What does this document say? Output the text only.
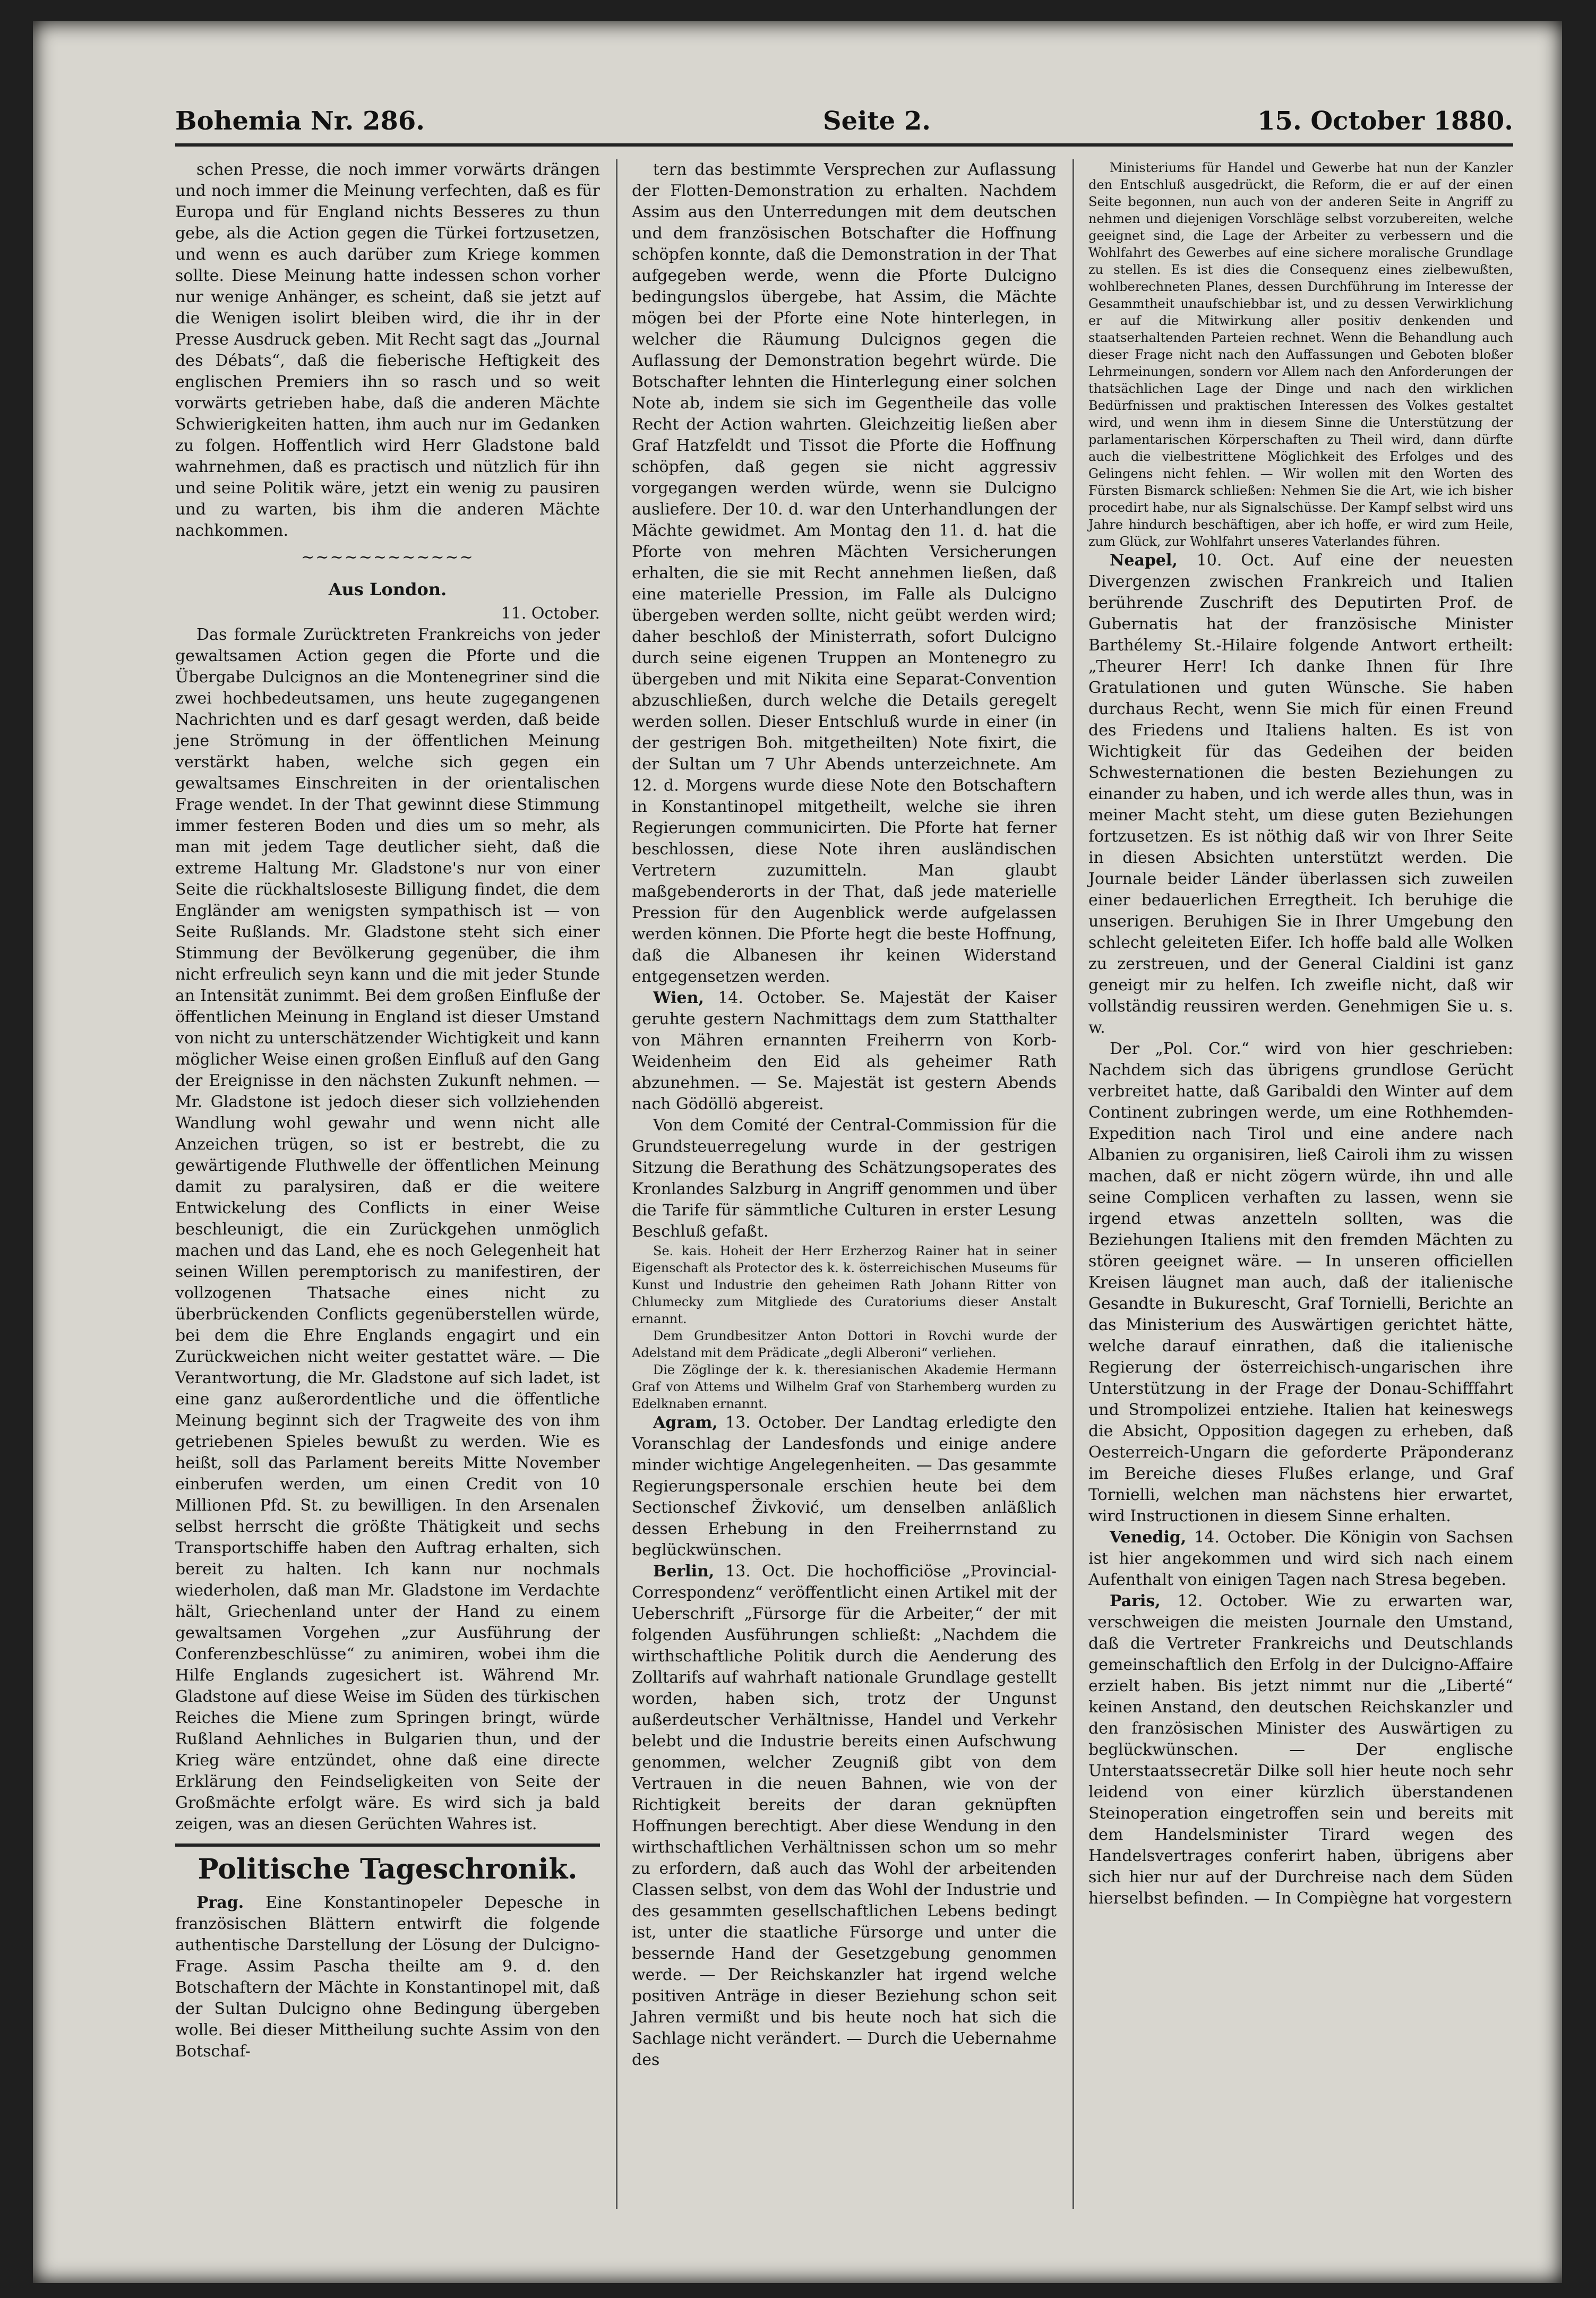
Bohemia Nr. 286.	Seite 2.	15. October 1880.

schen Presse, die noch immer vorwärts drängen und noch immer die Meinung verfechten, daß es für Europa und für England nichts Besseres zu thun gebe, als die Action gegen die Türkei fortzusetzen, und wenn es auch darüber zum Kriege kommen sollte. Diese Meinung hatte indessen schon vorher nur wenige Anhänger, es scheint, daß sie jetzt auf die Wenigen isolirt bleiben wird, die ihr in der Presse Ausdruck geben. Mit Recht sagt das „Journal des Débats“, daß die fieberische Heftigkeit des englischen Premiers ihn so rasch und so weit vorwärts getrieben habe, daß die anderen Mächte Schwierigkeiten hatten, ihm auch nur im Gedanken zu folgen. Hoffentlich wird Herr Gladstone bald wahrnehmen, daß es practisch und nützlich für ihn und seine Politik wäre, jetzt ein wenig zu pausiren und zu warten, bis ihm die anderen Mächte nachkommen.

~~~~~~~~~~~~

Aus London.

11. October.

Das formale Zurücktreten Frankreichs von jeder gewaltsamen Action gegen die Pforte und die Übergabe Dulcignos an die Montenegriner sind die zwei hochbedeutsamen, uns heute zugegangenen Nachrichten und es darf gesagt werden, daß beide jene Strömung in der öffentlichen Meinung verstärkt haben, welche sich gegen ein gewaltsames Einschreiten in der orientalischen Frage wendet. In der That gewinnt diese Stimmung immer festeren Boden und dies um so mehr, als man mit jedem Tage deutlicher sieht, daß die extreme Haltung Mr. Gladstone's nur von einer Seite die rückhaltsloseste Billigung findet, die dem Engländer am wenigsten sympathisch ist — von Seite Rußlands. Mr. Gladstone steht sich einer Stimmung der Bevölkerung gegenüber, die ihm nicht erfreulich seyn kann und die mit jeder Stunde an Intensität zunimmt. Bei dem großen Einfluße der öffentlichen Meinung in England ist dieser Umstand von nicht zu unterschätzender Wichtigkeit und kann möglicher Weise einen großen Einfluß auf den Gang der Ereignisse in den nächsten Zukunft nehmen. — Mr. Gladstone ist jedoch dieser sich vollziehenden Wandlung wohl gewahr und wenn nicht alle Anzeichen trügen, so ist er bestrebt, die zu gewärtigende Fluthwelle der öffentlichen Meinung damit zu paralysiren, daß er die weitere Entwickelung des Conflicts in einer Weise beschleunigt, die ein Zurückgehen unmöglich machen und das Land, ehe es noch Gelegenheit hat seinen Willen peremptorisch zu manifestiren, der vollzogenen Thatsache eines nicht zu überbrückenden Conflicts gegenüberstellen würde, bei dem die Ehre Englands engagirt und ein Zurückweichen nicht weiter gestattet wäre. — Die Verantwortung, die Mr. Gladstone auf sich ladet, ist eine ganz außerordentliche und die öffentliche Meinung beginnt sich der Tragweite des von ihm getriebenen Spieles bewußt zu werden. Wie es heißt, soll das Parlament bereits Mitte November einberufen werden, um einen Credit von 10 Millionen Pfd. St. zu bewilligen. In den Arsenalen selbst herrscht die größte Thätigkeit und sechs Transportschiffe haben den Auftrag erhalten, sich bereit zu halten. Ich kann nur nochmals wiederholen, daß man Mr. Gladstone im Verdachte hält, Griechenland unter der Hand zu einem gewaltsamen Vorgehen „zur Ausführung der Conferenzbeschlüsse“ zu animiren, wobei ihm die Hilfe Englands zugesichert ist. Während Mr. Gladstone auf diese Weise im Süden des türkischen Reiches die Miene zum Springen bringt, würde Rußland Aehnliches in Bulgarien thun, und der Krieg wäre entzündet, ohne daß eine directe Erklärung den Feindseligkeiten von Seite der Großmächte erfolgt wäre. Es wird sich ja bald zeigen, was an diesen Gerüchten Wahres ist.

Politische Tageschronik.

Prag. Eine Konstantinopeler Depesche in französischen Blättern entwirft die folgende authentische Darstellung der Lösung der Dulcigno-Frage. Assim Pascha theilte am 9. d. den Botschaftern der Mächte in Konstantinopel mit, daß der Sultan Dulcigno ohne Bedingung übergeben wolle. Bei dieser Mittheilung suchte Assim von den Botschaf-

tern das bestimmte Versprechen zur Auflassung der Flotten-Demonstration zu erhalten. Nachdem Assim aus den Unterredungen mit dem deutschen und dem französischen Botschafter die Hoffnung schöpfen konnte, daß die Demonstration in der That aufgegeben werde, wenn die Pforte Dulcigno bedingungslos übergebe, hat Assim, die Mächte mögen bei der Pforte eine Note hinterlegen, in welcher die Räumung Dulcignos gegen die Auflassung der Demonstration begehrt würde. Die Botschafter lehnten die Hinterlegung einer solchen Note ab, indem sie sich im Gegentheile das volle Recht der Action wahrten. Gleichzeitig ließen aber Graf Hatzfeldt und Tissot die Pforte die Hoffnung schöpfen, daß gegen sie nicht aggressiv vorgegangen werden würde, wenn sie Dulcigno ausliefere. Der 10. d. war den Unterhandlungen der Mächte gewidmet. Am Montag den 11. d. hat die Pforte von mehren Mächten Versicherungen erhalten, die sie mit Recht annehmen ließen, daß eine materielle Pression, im Falle als Dulcigno übergeben werden sollte, nicht geübt werden wird; daher beschloß der Ministerrath, sofort Dulcigno durch seine eigenen Truppen an Montenegro zu übergeben und mit Nikita eine Separat-Convention abzuschließen, durch welche die Details geregelt werden sollen. Dieser Entschluß wurde in einer (in der gestrigen Boh. mitgetheilten) Note fixirt, die der Sultan um 7 Uhr Abends unterzeichnete. Am 12. d. Morgens wurde diese Note den Botschaftern in Konstantinopel mitgetheilt, welche sie ihren Regierungen communicirten. Die Pforte hat ferner beschlossen, diese Note ihren ausländischen Vertretern zuzumitteln. Man glaubt maßgebenderorts in der That, daß jede materielle Pression für den Augenblick werde aufgelassen werden können. Die Pforte hegt die beste Hoffnung, daß die Albanesen ihr keinen Widerstand entgegensetzen werden.

Wien, 14. October. Se. Majestät der Kaiser geruhte gestern Nachmittags dem zum Statthalter von Mähren ernannten Freiherrn von Korb-Weidenheim den Eid als geheimer Rath abzunehmen. — Se. Majestät ist gestern Abends nach Gödöllö abgereist.

Von dem Comité der Central-Commission für die Grundsteuerregelung wurde in der gestrigen Sitzung die Berathung des Schätzungsoperates des Kronlandes Salzburg in Angriff genommen und über die Tarife für sämmtliche Culturen in erster Lesung Beschluß gefaßt.

Se. kais. Hoheit der Herr Erzherzog Rainer hat in seiner Eigenschaft als Protector des k. k. österreichischen Museums für Kunst und Industrie den geheimen Rath Johann Ritter von Chlumecky zum Mitgliede des Curatoriums dieser Anstalt ernannt.

Dem Grundbesitzer Anton Dottori in Rovchi wurde der Adelstand mit dem Prädicate „degli Alberoni“ verliehen.

Die Zöglinge der k. k. theresianischen Akademie Hermann Graf von Attems und Wilhelm Graf von Starhemberg wurden zu Edelknaben ernannt.

Agram, 13. October. Der Landtag erledigte den Voranschlag der Landesfonds und einige andere minder wichtige Angelegenheiten. — Das gesammte Regierungspersonale erschien heute bei dem Sectionschef Živković, um denselben anläßlich dessen Erhebung in den Freiherrnstand zu beglückwünschen.

Berlin, 13. Oct. Die hochofficiöse „Provincial-Correspondenz“ veröffentlicht einen Artikel mit der Ueberschrift „Fürsorge für die Arbeiter,“ der mit folgenden Ausführungen schließt: „Nachdem die wirthschaftliche Politik durch die Aenderung des Zolltarifs auf wahrhaft nationale Grundlage gestellt worden, haben sich, trotz der Ungunst außerdeutscher Verhältnisse, Handel und Verkehr belebt und die Industrie bereits einen Aufschwung genommen, welcher Zeugniß gibt von dem Vertrauen in die neuen Bahnen, wie von der Richtigkeit bereits der daran geknüpften Hoffnungen berechtigt. Aber diese Wendung in den wirthschaftlichen Verhältnissen schon um so mehr zu erfordern, daß auch das Wohl der arbeitenden Classen selbst, von dem das Wohl der Industrie und des gesammten gesellschaftlichen Lebens bedingt ist, unter die staatliche Fürsorge und unter die bessernde Hand der Gesetzgebung genommen werde. — Der Reichskanzler hat irgend welche positiven Anträge in dieser Beziehung schon seit Jahren vermißt und bis heute noch hat sich die Sachlage nicht verändert. — Durch die Uebernahme des

Ministeriums für Handel und Gewerbe hat nun der Kanzler den Entschluß ausgedrückt, die Reform, die er auf der einen Seite begonnen, nun auch von der anderen Seite in Angriff zu nehmen und diejenigen Vorschläge selbst vorzubereiten, welche geeignet sind, die Lage der Arbeiter zu verbessern und die Wohlfahrt des Gewerbes auf eine sichere moralische Grundlage zu stellen. Es ist dies die Consequenz eines zielbewußten, wohlberechneten Planes, dessen Durchführung im Interesse der Gesammtheit unaufschiebbar ist, und zu dessen Verwirklichung er auf die Mitwirkung aller positiv denkenden und staatserhaltenden Parteien rechnet. Wenn die Behandlung auch dieser Frage nicht nach den Auffassungen und Geboten bloßer Lehrmeinungen, sondern vor Allem nach den Anforderungen der thatsächlichen Lage der Dinge und nach den wirklichen Bedürfnissen und praktischen Interessen des Volkes gestaltet wird, und wenn ihm in diesem Sinne die Unterstützung der parlamentarischen Körperschaften zu Theil wird, dann dürfte auch die vielbestrittene Möglichkeit des Erfolges und des Gelingens nicht fehlen. — Wir wollen mit den Worten des Fürsten Bismarck schließen: Nehmen Sie die Art, wie ich bisher procedirt habe, nur als Signalschüsse. Der Kampf selbst wird uns Jahre hindurch beschäftigen, aber ich hoffe, er wird zum Heile, zum Glück, zur Wohlfahrt unseres Vaterlandes führen.

Neapel, 10. Oct. Auf eine der neuesten Divergenzen zwischen Frankreich und Italien berührende Zuschrift des Deputirten Prof. de Gubernatis hat der französische Minister Barthélemy St.-Hilaire folgende Antwort ertheilt: „Theurer Herr! Ich danke Ihnen für Ihre Gratulationen und guten Wünsche. Sie haben durchaus Recht, wenn Sie mich für einen Freund des Friedens und Italiens halten. Es ist von Wichtigkeit für das Gedeihen der beiden Schwesternationen die besten Beziehungen zu einander zu haben, und ich werde alles thun, was in meiner Macht steht, um diese guten Beziehungen fortzusetzen. Es ist nöthig daß wir von Ihrer Seite in diesen Absichten unterstützt werden. Die Journale beider Länder überlassen sich zuweilen einer bedauerlichen Erregtheit. Ich beruhige die unserigen. Beruhigen Sie in Ihrer Umgebung den schlecht geleiteten Eifer. Ich hoffe bald alle Wolken zu zerstreuen, und der General Cialdini ist ganz geneigt mir zu helfen. Ich zweifle nicht, daß wir vollständig reussiren werden. Genehmigen Sie u. s. w.

Der „Pol. Cor.“ wird von hier geschrieben: Nachdem sich das übrigens grundlose Gerücht verbreitet hatte, daß Garibaldi den Winter auf dem Continent zubringen werde, um eine Rothhemden-Expedition nach Tirol und eine andere nach Albanien zu organisiren, ließ Cairoli ihm zu wissen machen, daß er nicht zögern würde, ihn und alle seine Complicen verhaften zu lassen, wenn sie irgend etwas anzetteln sollten, was die Beziehungen Italiens mit den fremden Mächten zu stören geeignet wäre. — In unseren officiellen Kreisen läugnet man auch, daß der italienische Gesandte in Bukurescht, Graf Tornielli, Berichte an das Ministerium des Auswärtigen gerichtet hätte, welche darauf einrathen, daß die italienische Regierung der österreichisch-ungarischen ihre Unterstützung in der Frage der Donau-Schifffahrt und Strompolizei entziehe. Italien hat keineswegs die Absicht, Opposition dagegen zu erheben, daß Oesterreich-Ungarn die geforderte Präponderanz im Bereiche dieses Flußes erlange, und Graf Tornielli, welchen man nächstens hier erwartet, wird Instructionen in diesem Sinne erhalten.

Venedig, 14. October. Die Königin von Sachsen ist hier angekommen und wird sich nach einem Aufenthalt von einigen Tagen nach Stresa begeben.

Paris, 12. October. Wie zu erwarten war, verschweigen die meisten Journale den Umstand, daß die Vertreter Frankreichs und Deutschlands gemeinschaftlich den Erfolg in der Dulcigno-Affaire erzielt haben. Bis jetzt nimmt nur die „Liberté“ keinen Anstand, den deutschen Reichskanzler und den französischen Minister des Auswärtigen zu beglückwünschen. — Der englische Unterstaatssecretär Dilke soll hier heute noch sehr leidend von einer kürzlich überstandenen Steinoperation eingetroffen sein und bereits mit dem Handelsminister Tirard wegen des Handelsvertrages conferirt haben, übrigens aber sich hier nur auf der Durchreise nach dem Süden hierselbst befinden. — In Compiègne hat vorgestern
